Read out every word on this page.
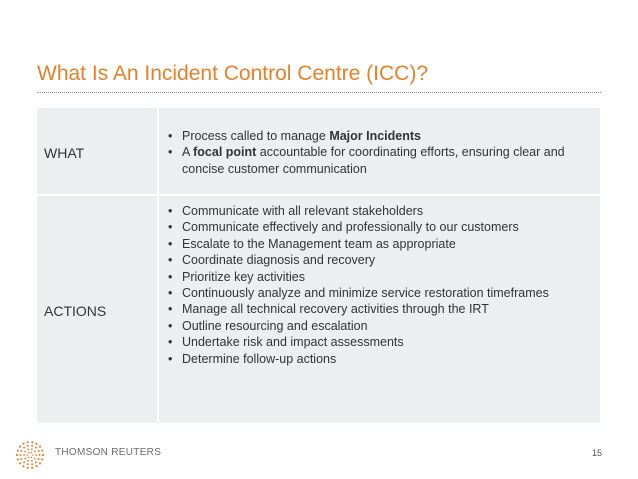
What Is An Incident Control Centre (ICC)?
WHAT
• Process called to manage Major Incidents
• A focal point accountable for coordinating efforts, ensuring clear and concise customer communication
ACTIONS
• Communicate with all relevant stakeholders
• Communicate effectively and professionally to our customers
• Escalate to the Management team as appropriate
• Coordinate diagnosis and recovery
• Prioritize key activities
• Continuously analyze and minimize service restoration timeframes
• Manage all technical recovery activities through the IRT
• Outline resourcing and escalation
• Undertake risk and impact assessments
• Determine follow-up actions
THOMSON REUTERS	15
